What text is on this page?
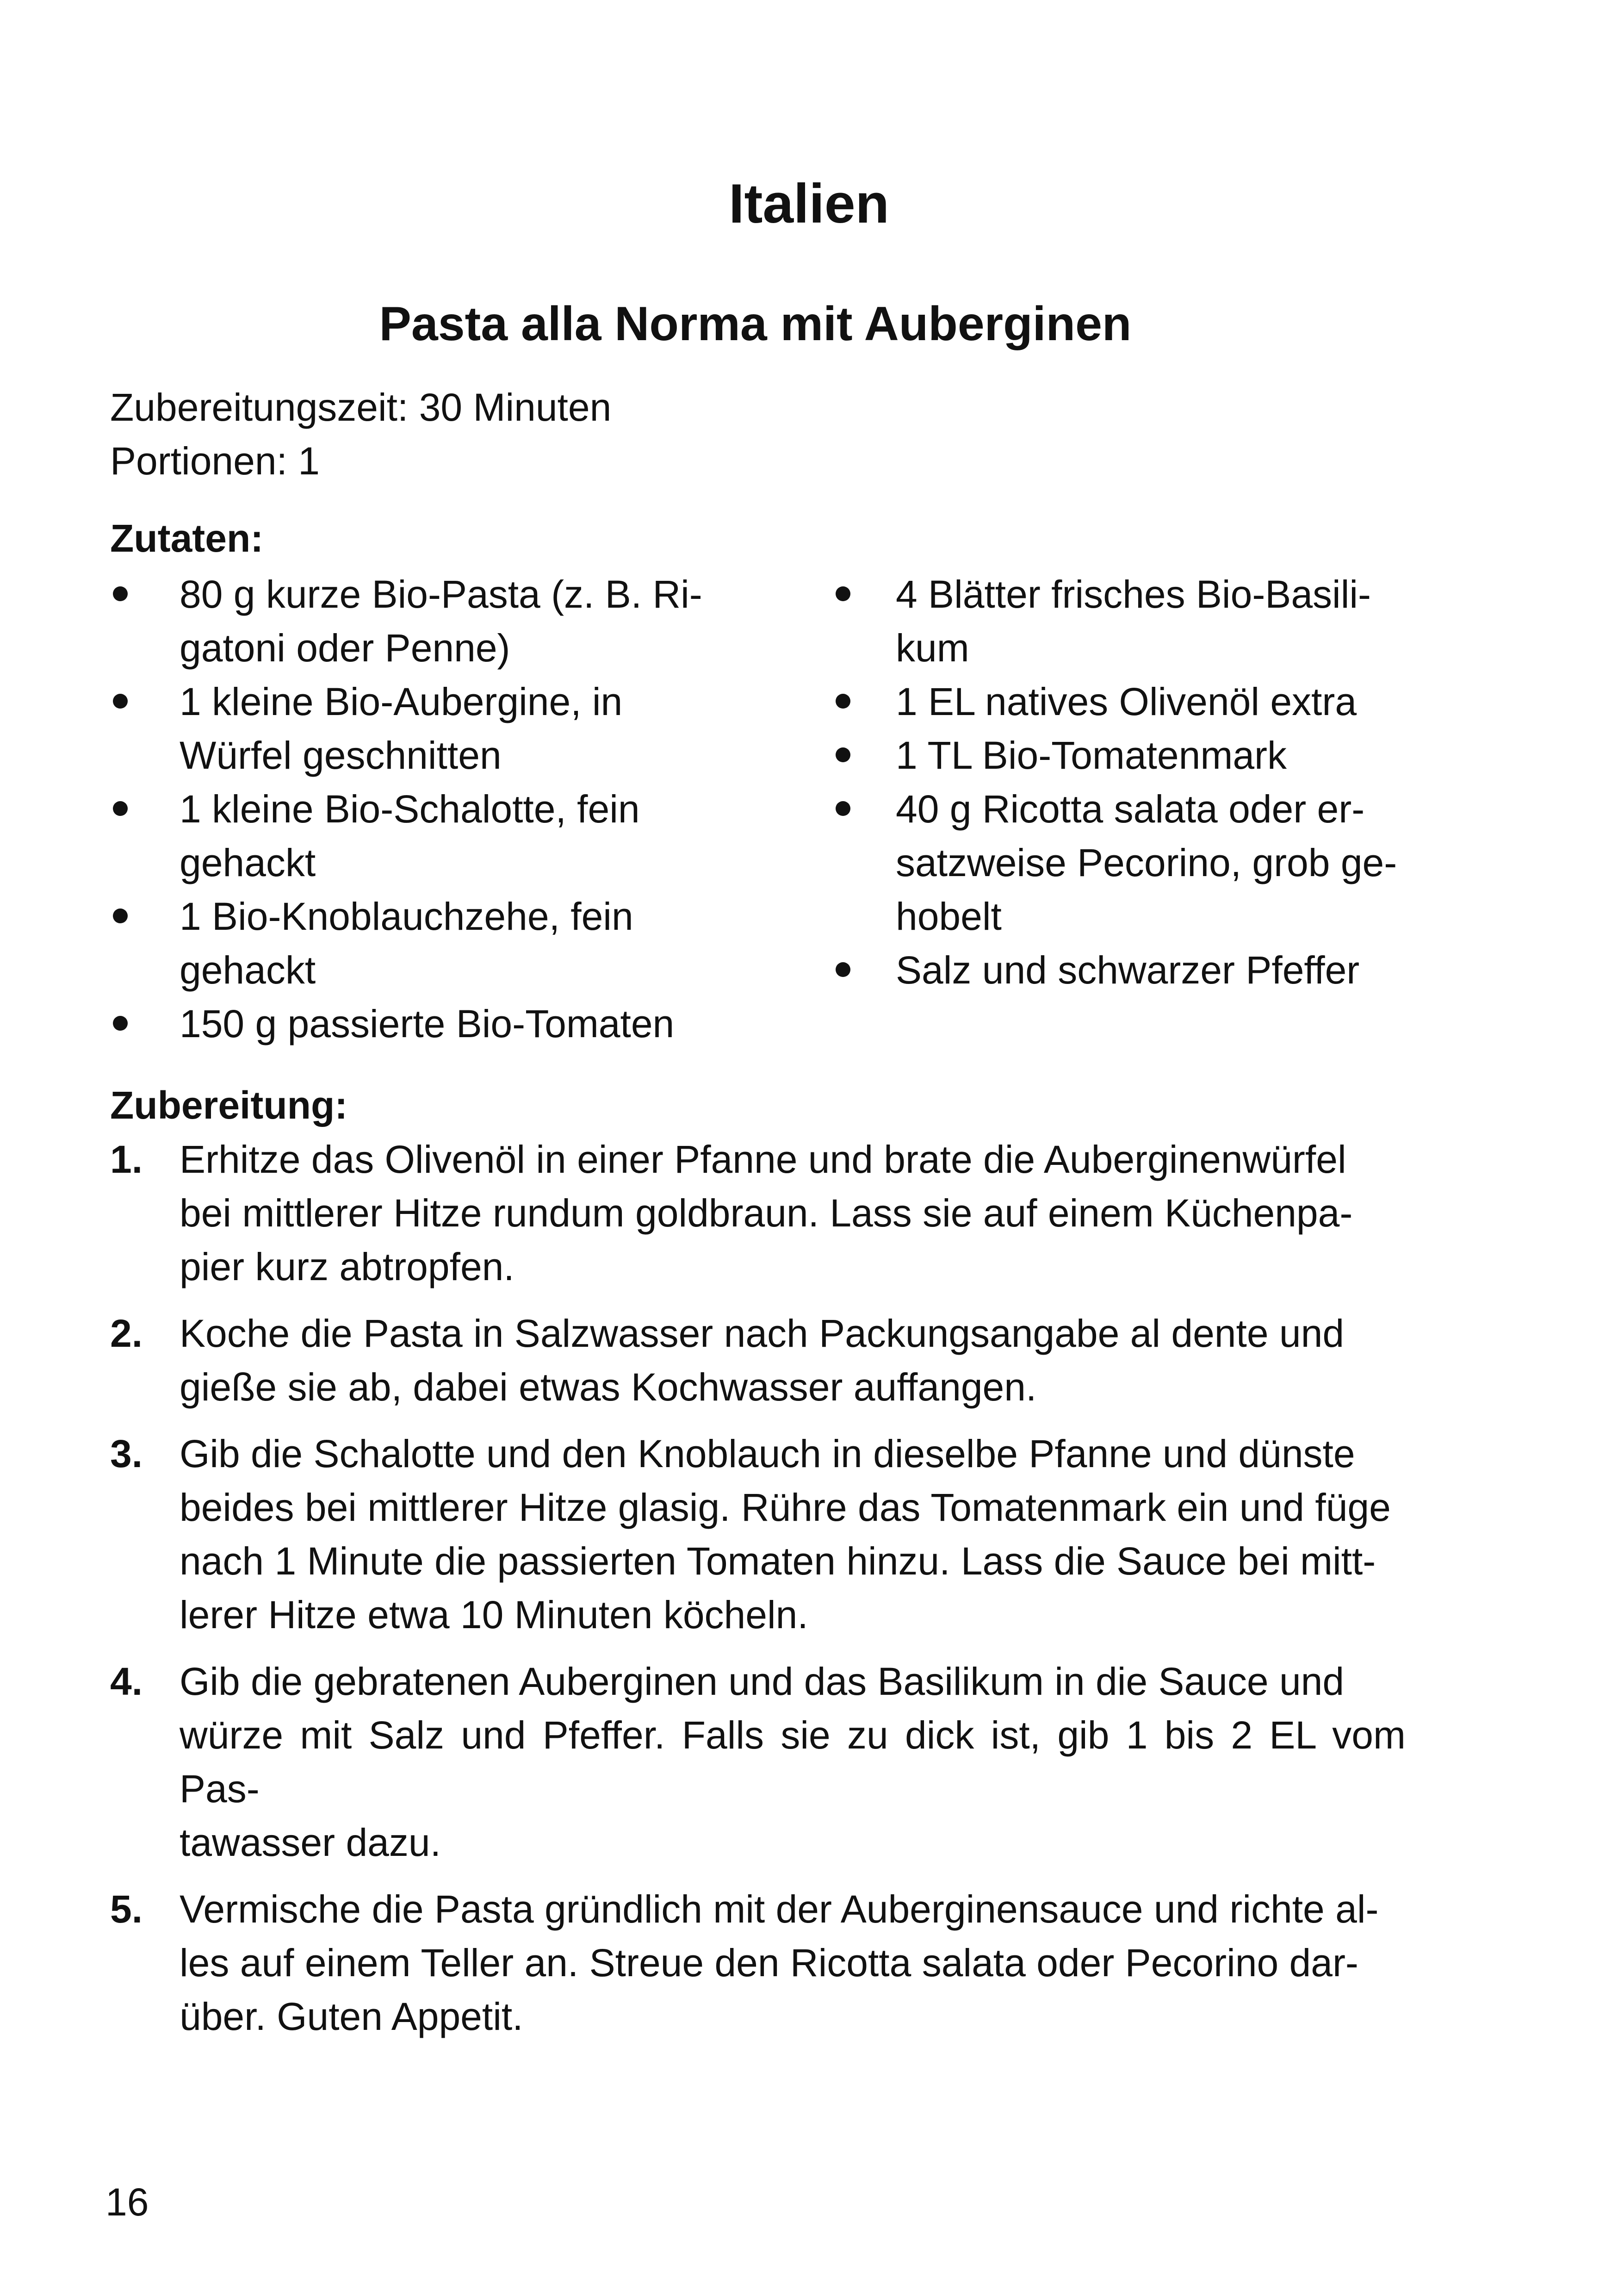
Italien
Pasta alla Norma mit Auberginen

Zubereitungszeit: 30 Minuten

Portionen: 1

Zutaten:

80 g kurze Bio-Pasta (z. B. Ri-
gatoni oder Penne)

1 kleine Bio-Aubergine, in
Würfel geschnitten

1 kleine Bio-Schalotte, fein
gehackt

1 Bio-Knoblauchzehe, fein
gehackt

150 g passierte Bio-Tomaten

4 Blätter frisches Bio-Basili-
kum

1 EL natives Olivenöl extra

1 TL Bio-Tomatenmark

40 g Ricotta salata oder er-
satzweise Pecorino, grob ge-
hobelt

Salz und schwarzer Pfeffer

Zubereitung:

1. Erhitze das Olivenöl in einer Pfanne und brate die Auberginenwürfel
bei mittlerer Hitze rundum goldbraun. Lass sie auf einem Küchenpa-
pier kurz abtropfen.

2. Koche die Pasta in Salzwasser nach Packungsangabe al dente und
gieße sie ab, dabei etwas Kochwasser auffangen.

3. Gib die Schalotte und den Knoblauch in dieselbe Pfanne und dünste
beides bei mittlerer Hitze glasig. Rühre das Tomatenmark ein und füge
nach 1 Minute die passierten Tomaten hinzu. Lass die Sauce bei mitt-
lerer Hitze etwa 10 Minuten köcheln.

4. Gib die gebratenen Auberginen und das Basilikum in die Sauce und
würze mit Salz und Pfeffer. Falls sie zu dick ist, gib 1 bis 2 EL vom Pas-
tawasser dazu.

5. Vermische die Pasta gründlich mit der Auberginensauce und richte al-
les auf einem Teller an. Streue den Ricotta salata oder Pecorino dar-
über. Guten Appetit.

16
